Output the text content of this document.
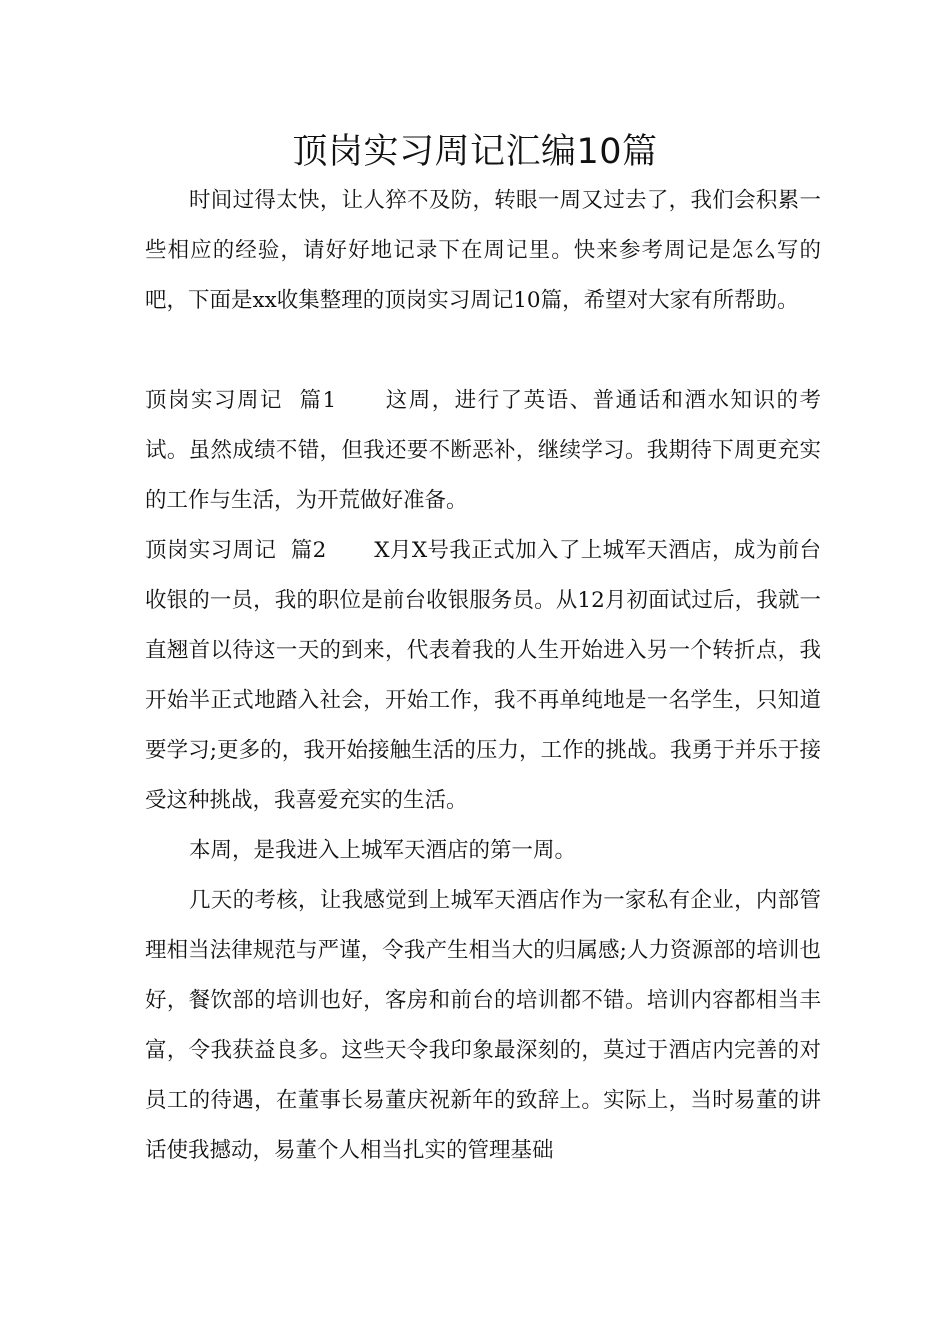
顶岗实习周记汇编10篇

时间过得太快，让人猝不及防，转眼一周又过去了，我们会积累一些相应的经验，请好好地记录下在周记里。快来参考周记是怎么写的吧，下面是xx收集整理的顶岗实习周记10篇，希望对大家有所帮助。

顶岗实习周记  篇1 这周，进行了英语、普通话和酒水知识的考试。虽然成绩不错，但我还要不断恶补，继续学习。我期待下周更充实的工作与生活，为开荒做好准备。

顶岗实习周记  篇2 X月X号我正式加入了上城军天酒店，成为前台收银的一员，我的职位是前台收银服务员。从12月初面试过后，我就一直翘首以待这一天的到来，代表着我的人生开始进入另一个转折点，我开始半正式地踏入社会，开始工作，我不再单纯地是一名学生，只知道要学习;更多的，我开始接触生活的压力，工作的挑战。我勇于并乐于接受这种挑战，我喜爱充实的生活。

本周，是我进入上城军天酒店的第一周。

几天的考核，让我感觉到上城军天酒店作为一家私有企业，内部管理相当法律规范与严谨，令我产生相当大的归属感;人力资源部的培训也好，餐饮部的培训也好，客房和前台的培训都不错。培训内容都相当丰富，令我获益良多。这些天令我印象最深刻的，莫过于酒店内完善的对员工的待遇，在董事长易董庆祝新年的致辞上。实际上，当时易董的讲话使我撼动，易董个人相当扎实的管理基础
